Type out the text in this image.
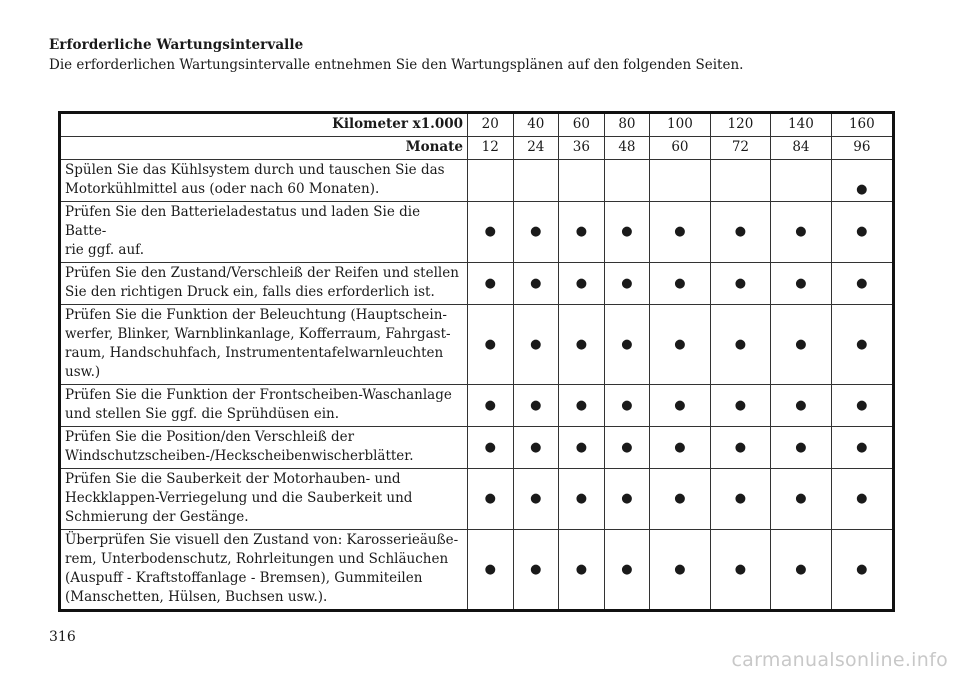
Erforderliche Wartungsintervalle
Die erforderlichen Wartungsintervalle entnehmen Sie den Wartungsplänen auf den folgenden Seiten.
Kilometer x1.000	20	40	60	80	100	120	140	160
Monate	12	24	36	48	60	72	84	96
Spülen Sie das Kühlsystem durch und tauschen Sie das
Motorkühlmittel aus (oder nach 60 Monaten).								●
Prüfen Sie den Batterieladestatus und laden Sie die Batte-
rie ggf. auf.	●	●	●	●	●	●	●	●
Prüfen Sie den Zustand/Verschleiß der Reifen und stellen
Sie den richtigen Druck ein, falls dies erforderlich ist.	●	●	●	●	●	●	●	●
Prüfen Sie die Funktion der Beleuchtung (Hauptschein-
werfer, Blinker, Warnblinkanlage, Kofferraum, Fahrgast-
raum, Handschuhfach, Instrumententafelwarnleuchten
usw.)	●	●	●	●	●	●	●	●
Prüfen Sie die Funktion der Frontscheiben-Waschanlage
und stellen Sie ggf. die Sprühdüsen ein.	●	●	●	●	●	●	●	●
Prüfen Sie die Position/den Verschleiß der
Windschutzscheiben-/Heckscheibenwischerblätter.	●	●	●	●	●	●	●	●
Prüfen Sie die Sauberkeit der Motorhauben- und
Heckklappen-Verriegelung und die Sauberkeit und
Schmierung der Gestänge.	●	●	●	●	●	●	●	●
Überprüfen Sie visuell den Zustand von: Karosserieäuße-
rem, Unterbodenschutz, Rohrleitungen und Schläuchen
(Auspuff - Kraftstoffanlage - Bremsen), Gummiteilen
(Manschetten, Hülsen, Buchsen usw.).	●	●	●	●	●	●	●	●
316
carmanualsonline.info
